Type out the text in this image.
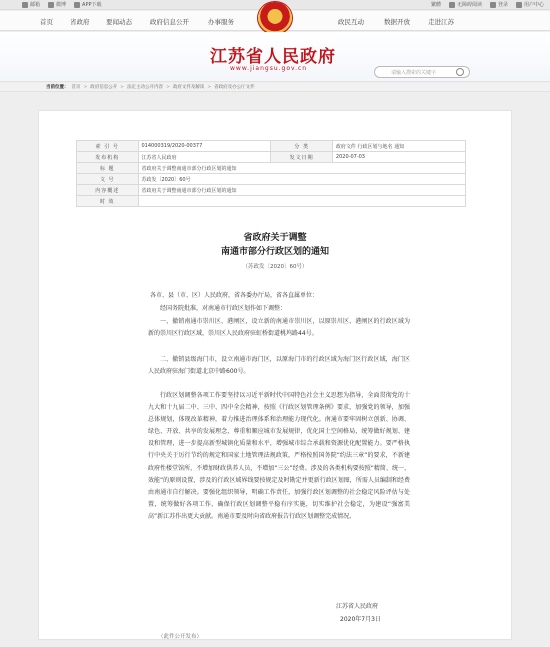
邮箱	微博	APP下载	繁體	无障碍阅读	登录	用户中心
首页	省政府	要闻动态	政府信息公开	办事服务	政民互动	数据开放	走进江苏
江苏省人民政府
www.jiangsu.gov.cn
请输入搜索的关键字
当前位置： 首页 > 政府信息公开 > 法定主动公开内容 > 政府文件及解读 > 省政府及办公厅文件
索 引 号	014000319/2020-00377	分 类	政府文件 行政区划与地名 通知
发布机构	江苏省人民政府	发文日期	2020-07-03
标 题	省政府关于调整南通市部分行政区划的通知		
文 号	苏政发〔2020〕60号		
内容概述	省政府关于调整南通市部分行政区划的通知		
时 效			
省政府关于调整
南通市部分行政区划的通知
（苏政发〔2020〕60号）
各市、县（市、区）人民政府，省各委办厅局，省各直属单位：
经国务院批准，对南通市行政区划作如下调整：
一、撤销南通市崇川区、港闸区，设立新的南通市崇川区，以原崇川区、港闸区的行政区域为新的崇川区行政区域，崇川区人民政府驻虹桥街道桃坞路44号。
二、撤销县级海门市，设立南通市海门区，以原海门市的行政区域为海门区行政区域，海门区人民政府驻海门街道北京中路600号。
行政区划调整各项工作要坚持以习近平新时代中国特色社会主义思想为指导，全面贯彻党的十九大和十九届二中、三中、四中全会精神，按照《行政区划管理条例》要求，加强党的领导，加强总体规划，体现改革精神，着力推进治理体系和治理能力现代化。南通市要牢固树立创新、协调、绿色、开放、共享的发展理念，尊重和顺应城市发展规律，优化国土空间格局，统筹做好规划、建设和管理，进一步提高新型城镇化质量和水平，增强城市综合承载和资源优化配置能力。要严格执行中央关于厉行节约的规定和国家土地管理法规政策，严格按照国务院“约法三章”的要求，不新建政府性楼堂馆所，不增加财政供养人员，不增加“三公”经费。涉及的各类机构要按照“精简、统一、效能”的原则设置，涉及的行政区域界线要按规定及时勘定并更新行政区划图，所需人员编制和经费由南通市自行解决。要强化组织领导，明确工作责任，加强行政区划调整的社会稳定风险评估与处置，统筹做好各项工作，确保行政区划调整平稳有序实施，切实维护社会稳定，为建设“强富美高”新江苏作出更大贡献。南通市要及时向省政府报告行政区划调整完成情况。
江苏省人民政府
2020年7月3日
（此件公开发布）
